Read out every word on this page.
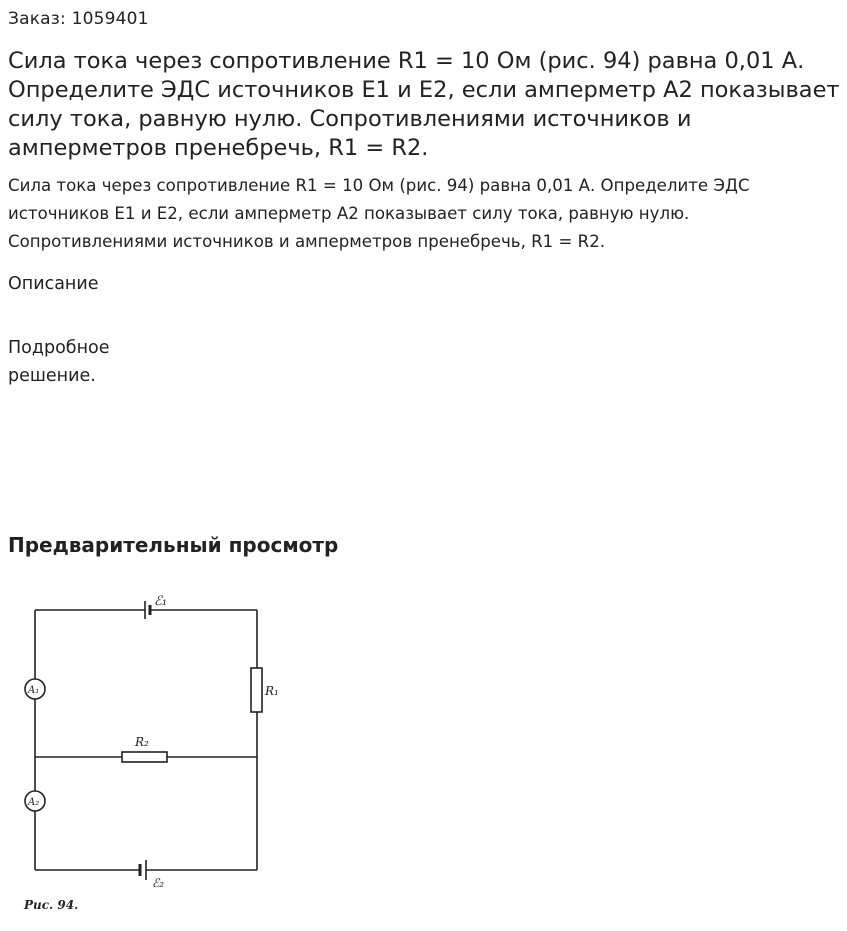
Заказ: 1059401
Сила тока через сопротивление R1 = 10 Ом (рис. 94) равна 0,01 А. Определите ЭДС источников E1 и E2, если амперметр A2 показывает силу тока, равную нулю. Сопротивлениями источников и амперметров пренебречь, R1 = R2.

Сила тока через сопротивление R1 = 10 Ом (рис. 94) равна 0,01 А. Определите ЭДС источников E1 и E2, если амперметр A2 показывает силу тока, равную нулю. Сопротивлениями источников и амперметров пренебречь, R1 = R2.

Описание
Подробное решение.
Предварительный просмотр
ℰ₁
R₁
R₂
A₁
A₂
ℰ₂
Рис. 94.
